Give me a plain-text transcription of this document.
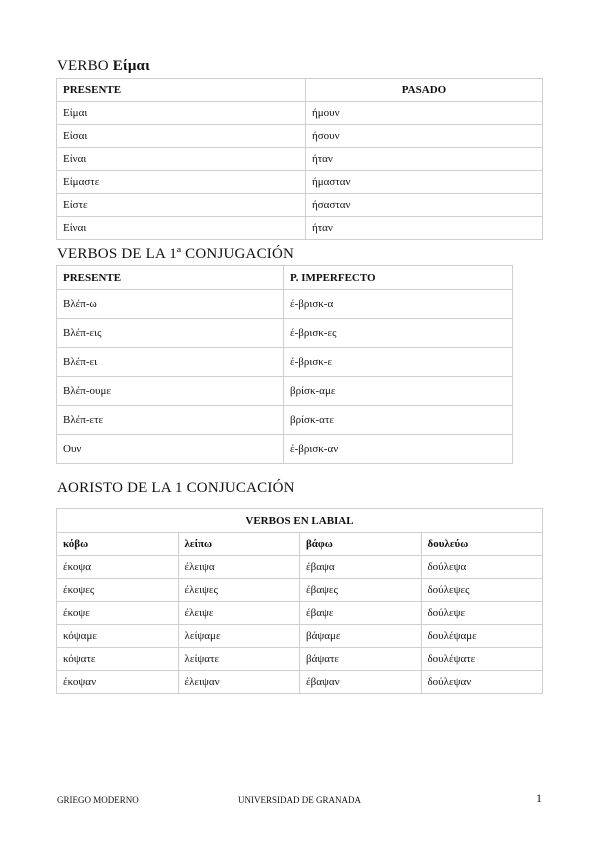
VERBO Είμαι
PRESENTE	PASADO
Είμαι	ήμουν
Είσαι	ήσουν
Είναι	ήταν
Είμαστε	ήμασταν
Είστε	ήσασταν
Είναι	ήταν
VERBOS DE LA 1ª CONJUGACIÓN
PRESENTE	P. IMPERFECTO
Βλέπ-ω	έ-βρισκ-α
Βλέπ-εις	έ-βρισκ-ες
Βλέπ-ει	έ-βρισκ-ε
Βλέπ-ουμε	βρίσκ-αμε
Βλέπ-ετε	βρίσκ-ατε
Ουν	έ-βρισκ-αν
AORISTO DE LA 1 CONJUCACIÓN
VERBOS EN LABIAL			
κόβω	λείπω	βάφω	δουλεύω
έκοψα	έλειψα	έβαψα	δούλεψα
έκοψες	έλειψες	έβαψες	δούλεψες
έκοψε	έλειψε	έβαψε	δούλεψε
κόψαμε	λείψαμε	βάψαμε	δουλέψαμε
κόψατε	λείψατε	βάψατε	δουλέψατε
έκοψαν	έλειψαν	έβαψαν	δούλεψαν
GRIEGO MODERNO	UNIVERSIDAD DE GRANADA	1
